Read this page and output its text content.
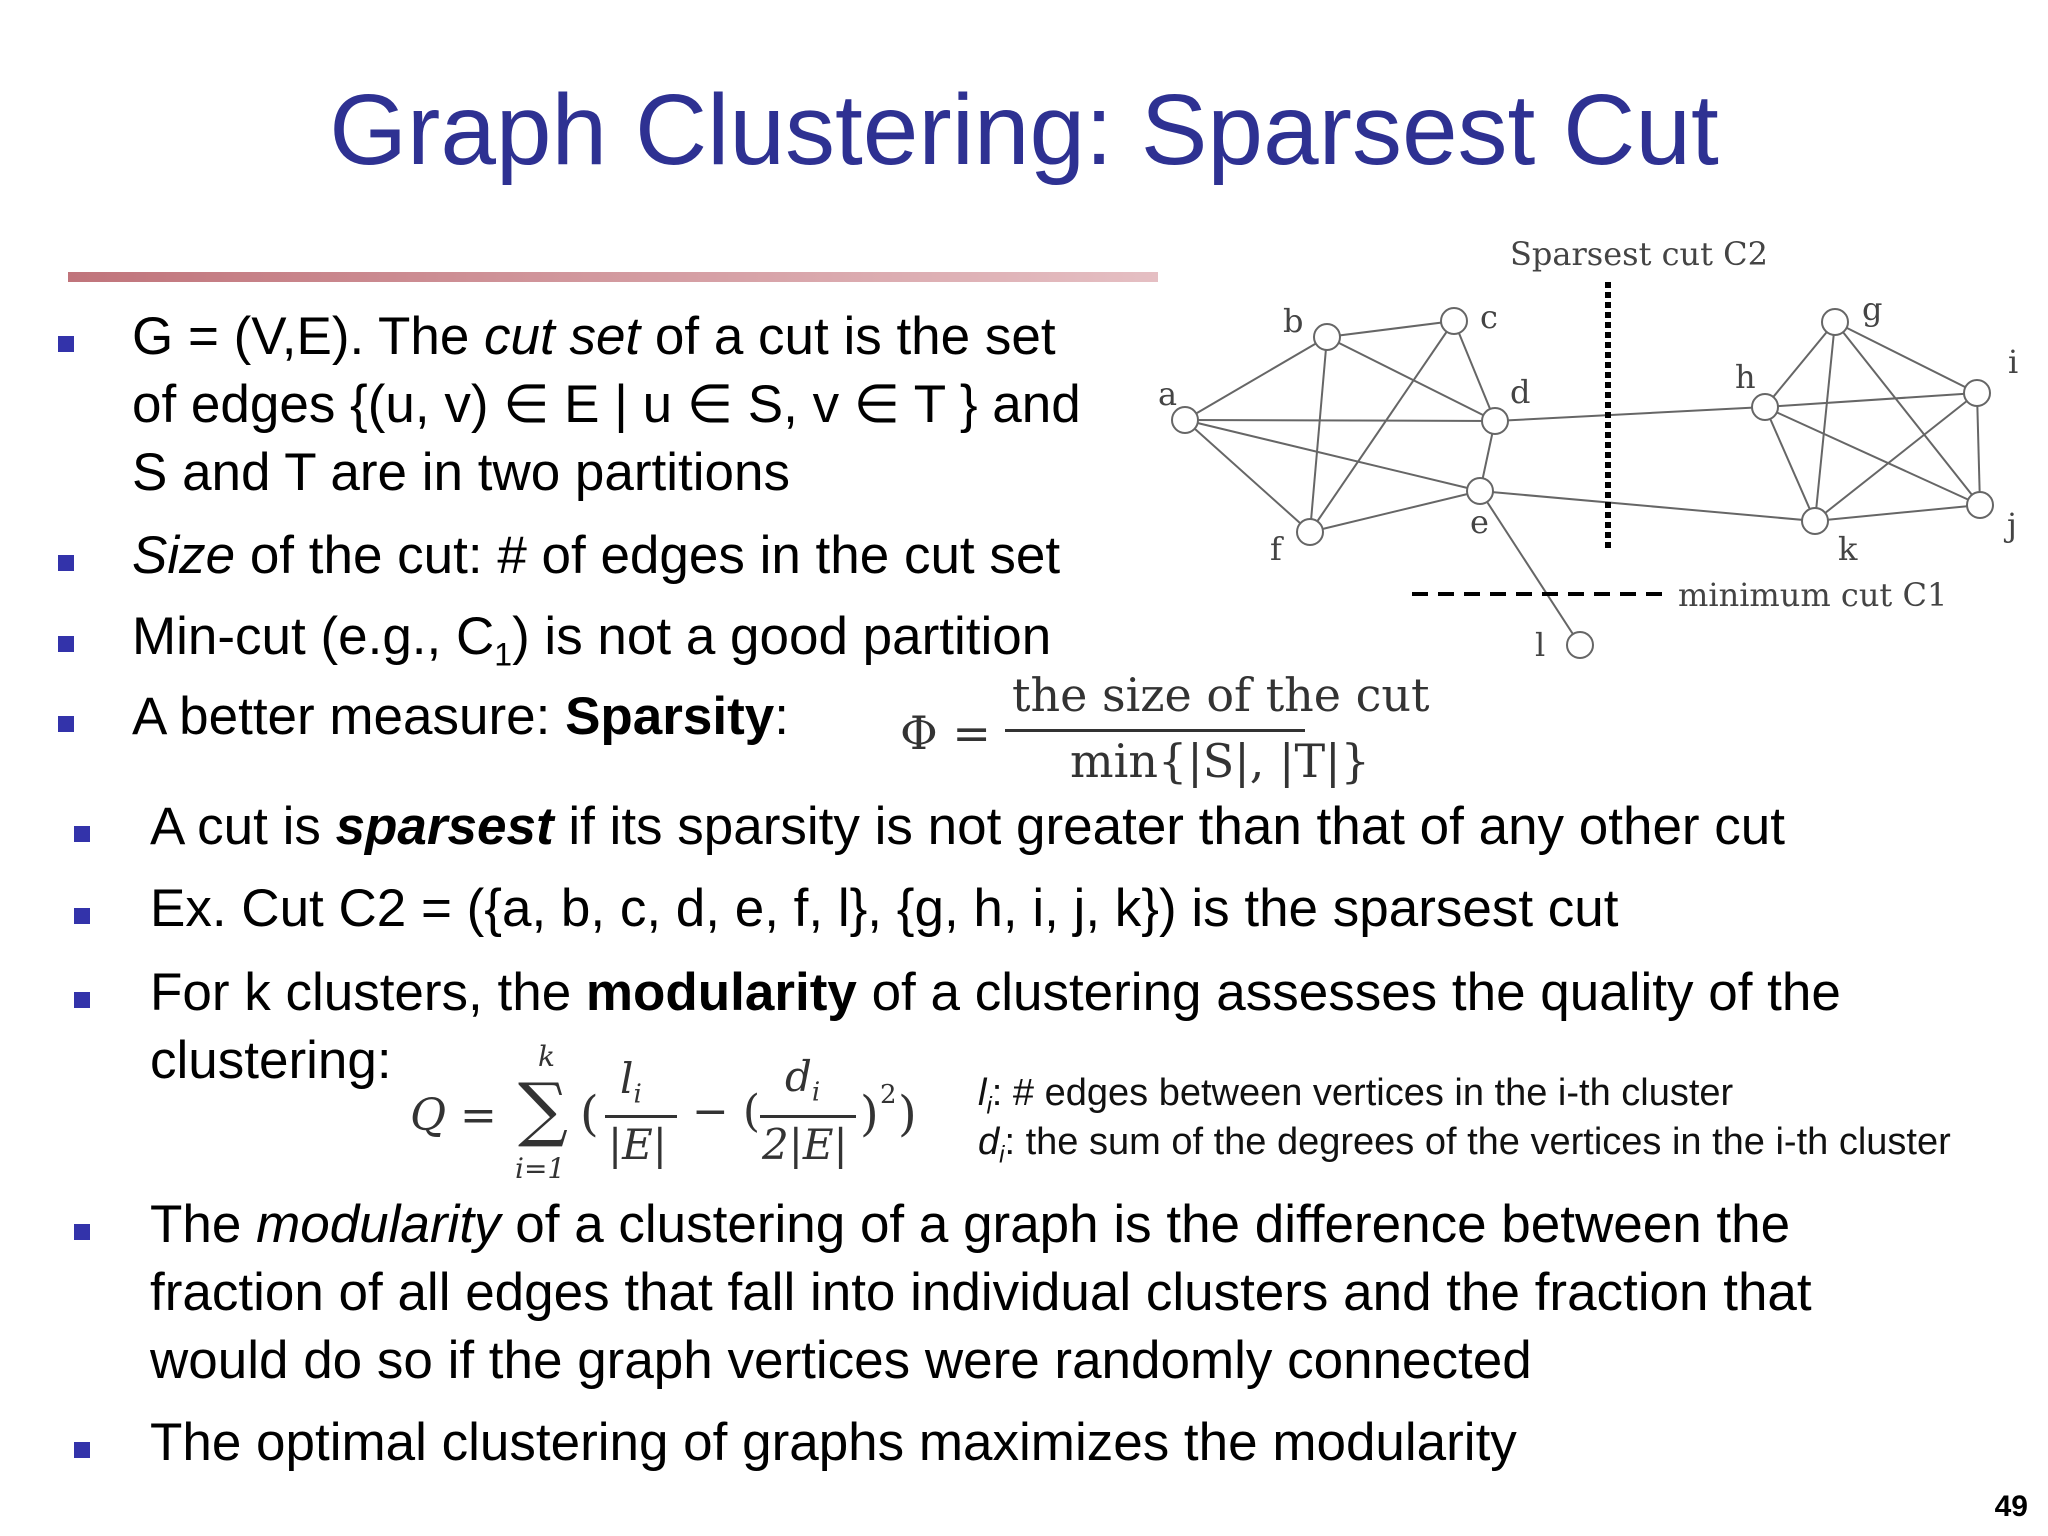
Graph Clustering: Sparsest Cut
G = (V,E). The cut set of a cut is the set
of edges {(u, v) ∈ E | u ∈ S, v ∈ T } and
S and T are in two partitions
Size of the cut: # of edges in the cut set
Min-cut (e.g., $C_1$) is not a good partition
A better measure: Sparsity: Φ =
the size of the cut
min{|S|, |T|}
a
b	c
d
e
f
l
g
h	i
j
k
Sparsest cut C2
minimum cut C1
A cut is sparsest if its sparsity is not greater than that of any other cut
Ex. Cut C2 = ({a, b, c, d, e, f, l}, {g, h, i, j, k}) is the sparsest cut
For k clusters, the modularity of a clustering assesses the quality of the
clustering:
Q =
k
∑
i=1
(
$l_i$
|E|
− (
$d_i$
2|E|
) 2 ) $l_i$: # edges between vertices in the i-th cluster
$d_i$: the sum of the degrees of the vertices in the i-th cluster
The modularity of a clustering of a graph is the difference between the
fraction of all edges that fall into individual clusters and the fraction that
would do so if the graph vertices were randomly connected
The optimal clustering of graphs maximizes the modularity
49
